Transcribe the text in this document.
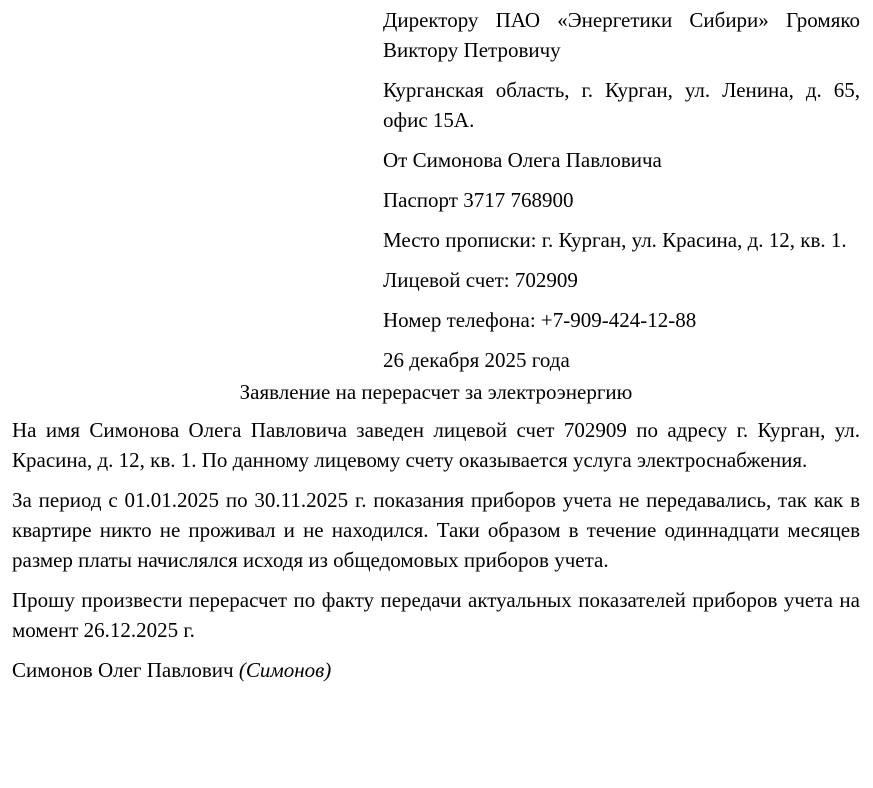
Директору ПАО «Энергетики Сибири» Громяко Виктору Петровичу

Курганская область, г. Курган, ул. Ленина, д. 65, офис 15А.

От Симонова Олега Павловича

Паспорт 3717 768900

Место прописки: г. Курган, ул. Красина, д. 12, кв. 1.

Лицевой счет: 702909

Номер телефона: +7-909-424-12-88

26 декабря 2025 года

Заявление на перерасчет за электроэнергию

На имя Симонова Олега Павловича заведен лицевой счет 702909 по адресу г. Курган, ул. Красина, д. 12, кв. 1. По данному лицевому счету оказывается услуга электроснабжения.

За период с 01.01.2025 по 30.11.2025 г. показания приборов учета не передавались, так как в квартире никто не проживал и не находился. Таки образом в течение одиннадцати месяцев размер платы начислялся исходя из общедомовых приборов учета.

Прошу произвести перерасчет по факту передачи актуальных показателей приборов учета на момент 26.12.2025 г.

Симонов Олег Павлович (Симонов)
